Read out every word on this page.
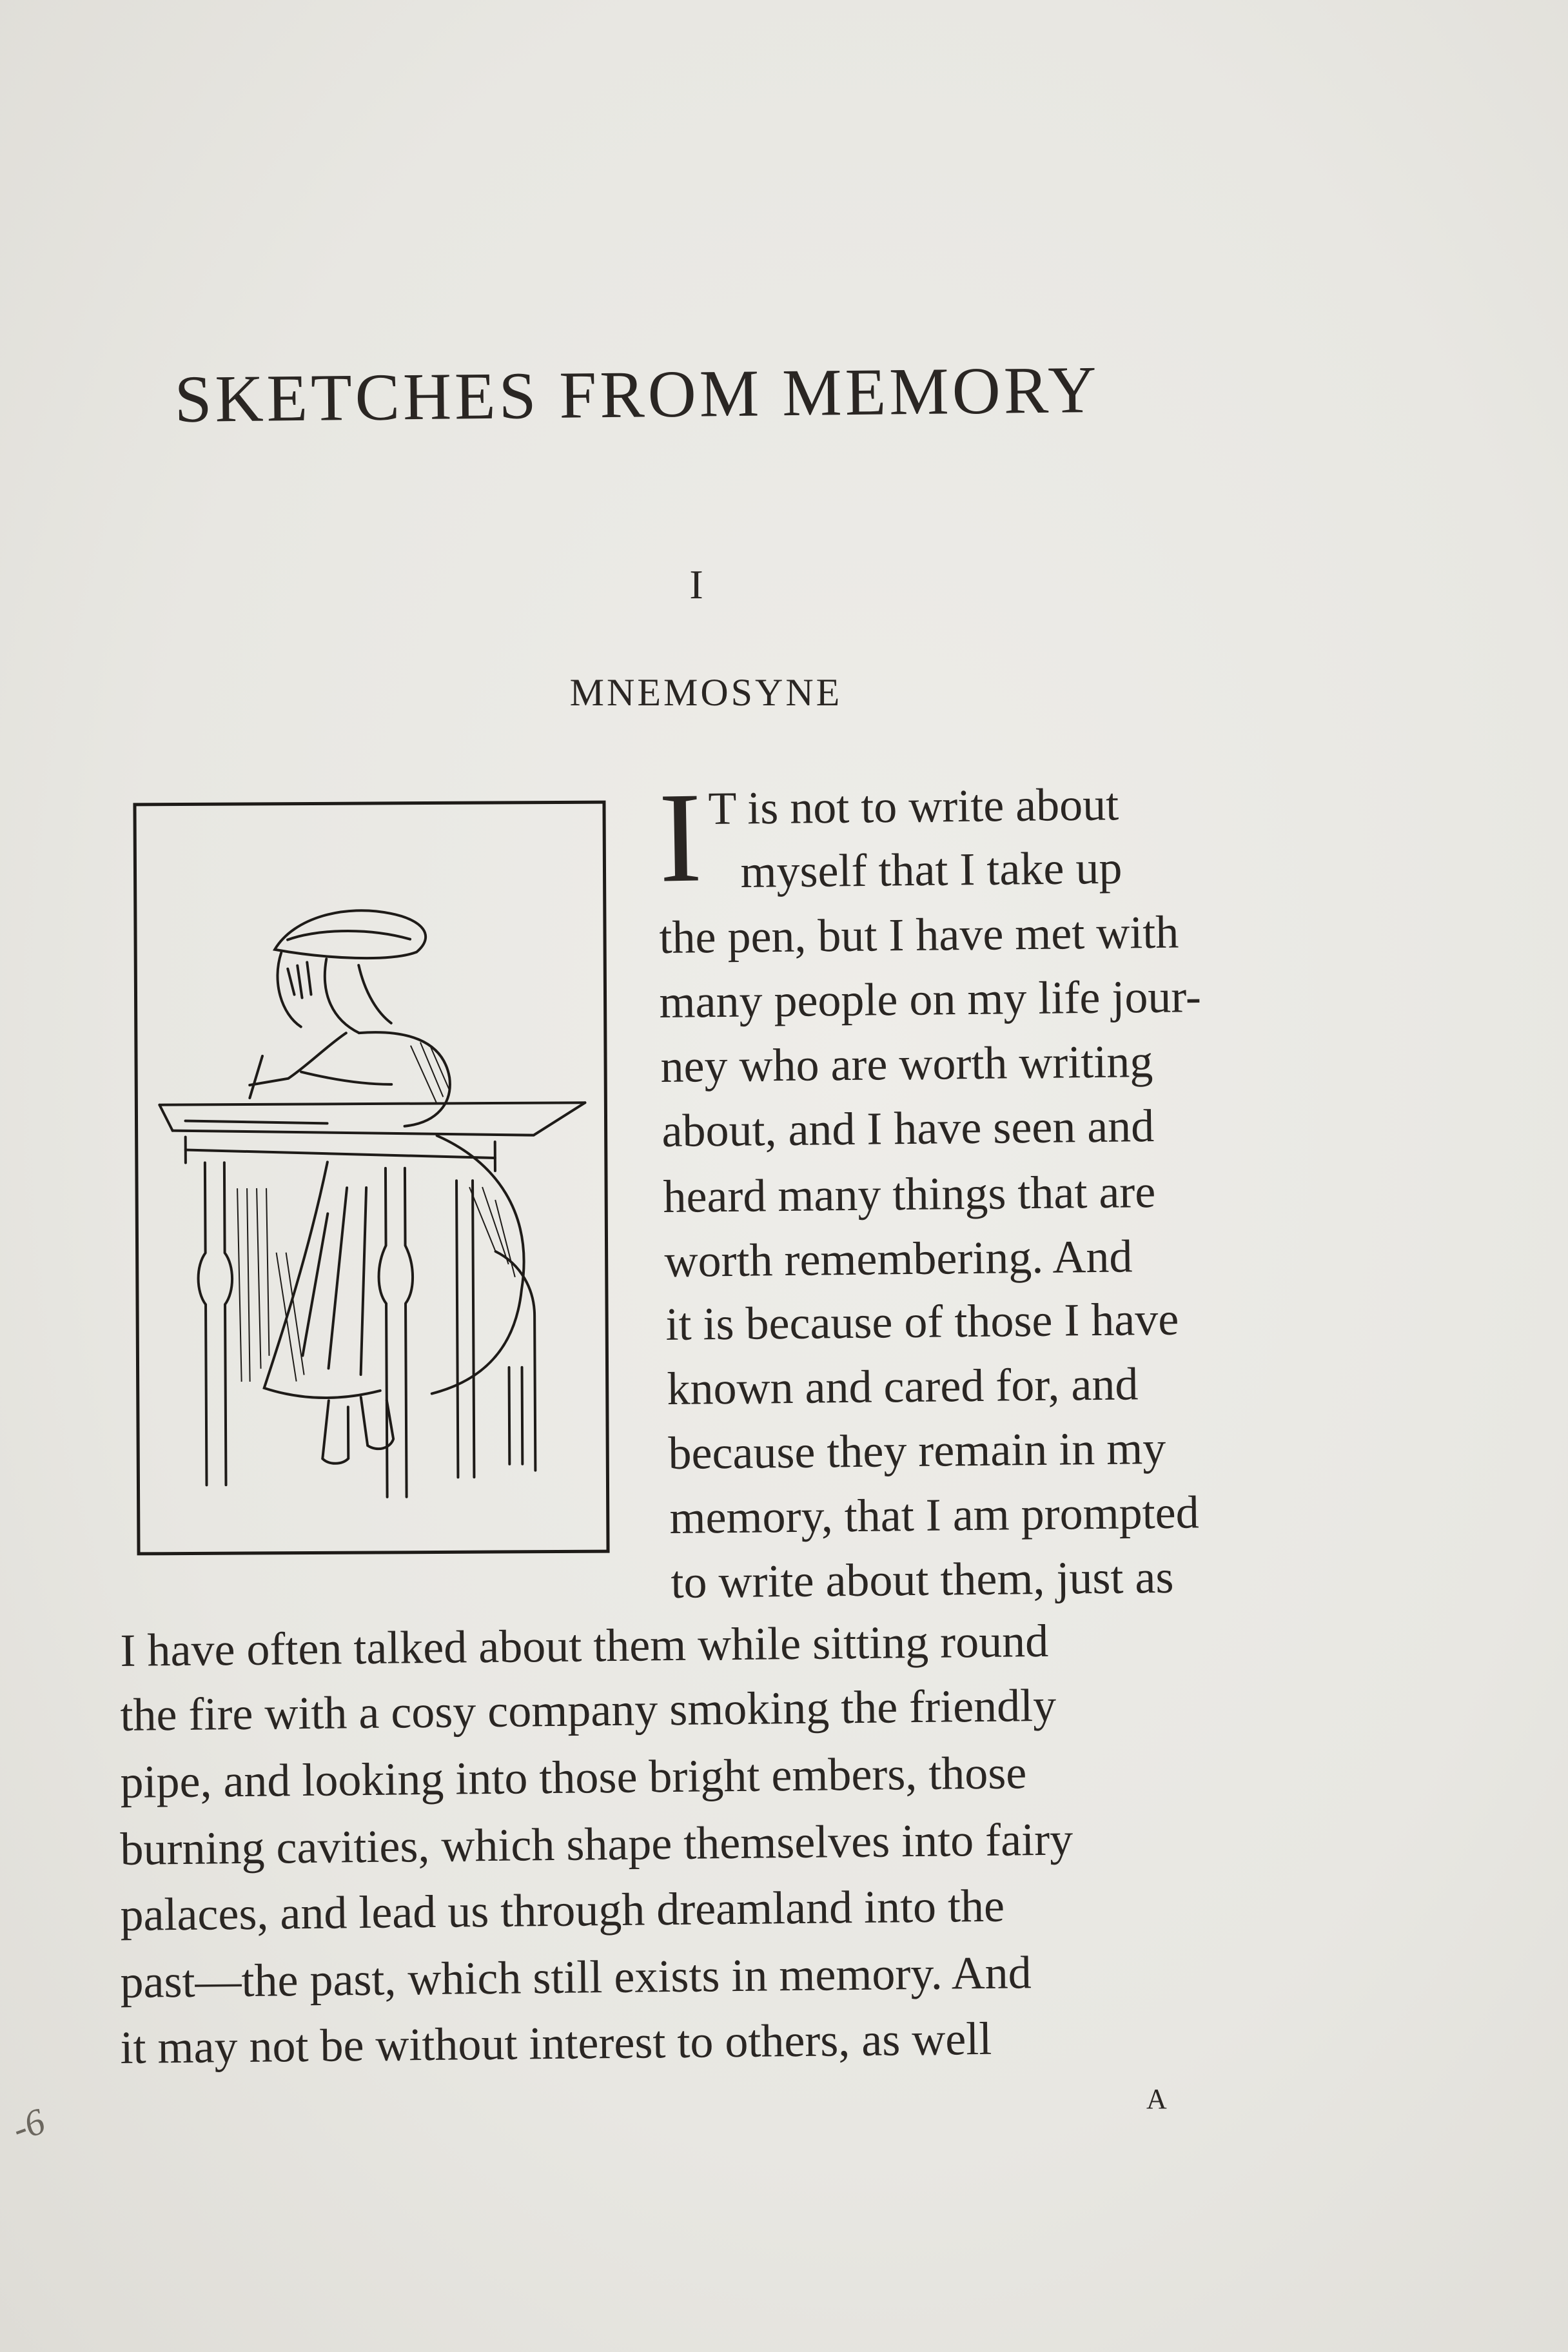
SKETCHES FROM MEMORY
I
MNEMOSYNE
I T is not to write about
myself that I take up
the pen, but I have met with
many people on my life jour-
ney who are worth writing
about, and I have seen and
heard many things that are
worth remembering. And
it is because of those I have
known and cared for, and
because they remain in my
memory, that I am prompted
to write about them, just as
I have often talked about them while sitting round
the fire with a cosy company smoking the friendly
pipe, and looking into those bright embers, those
burning cavities, which shape themselves into fairy
palaces, and lead us through dreamland into the
past—the past, which still exists in memory. And
it may not be without interest to others, as well
A
-6
